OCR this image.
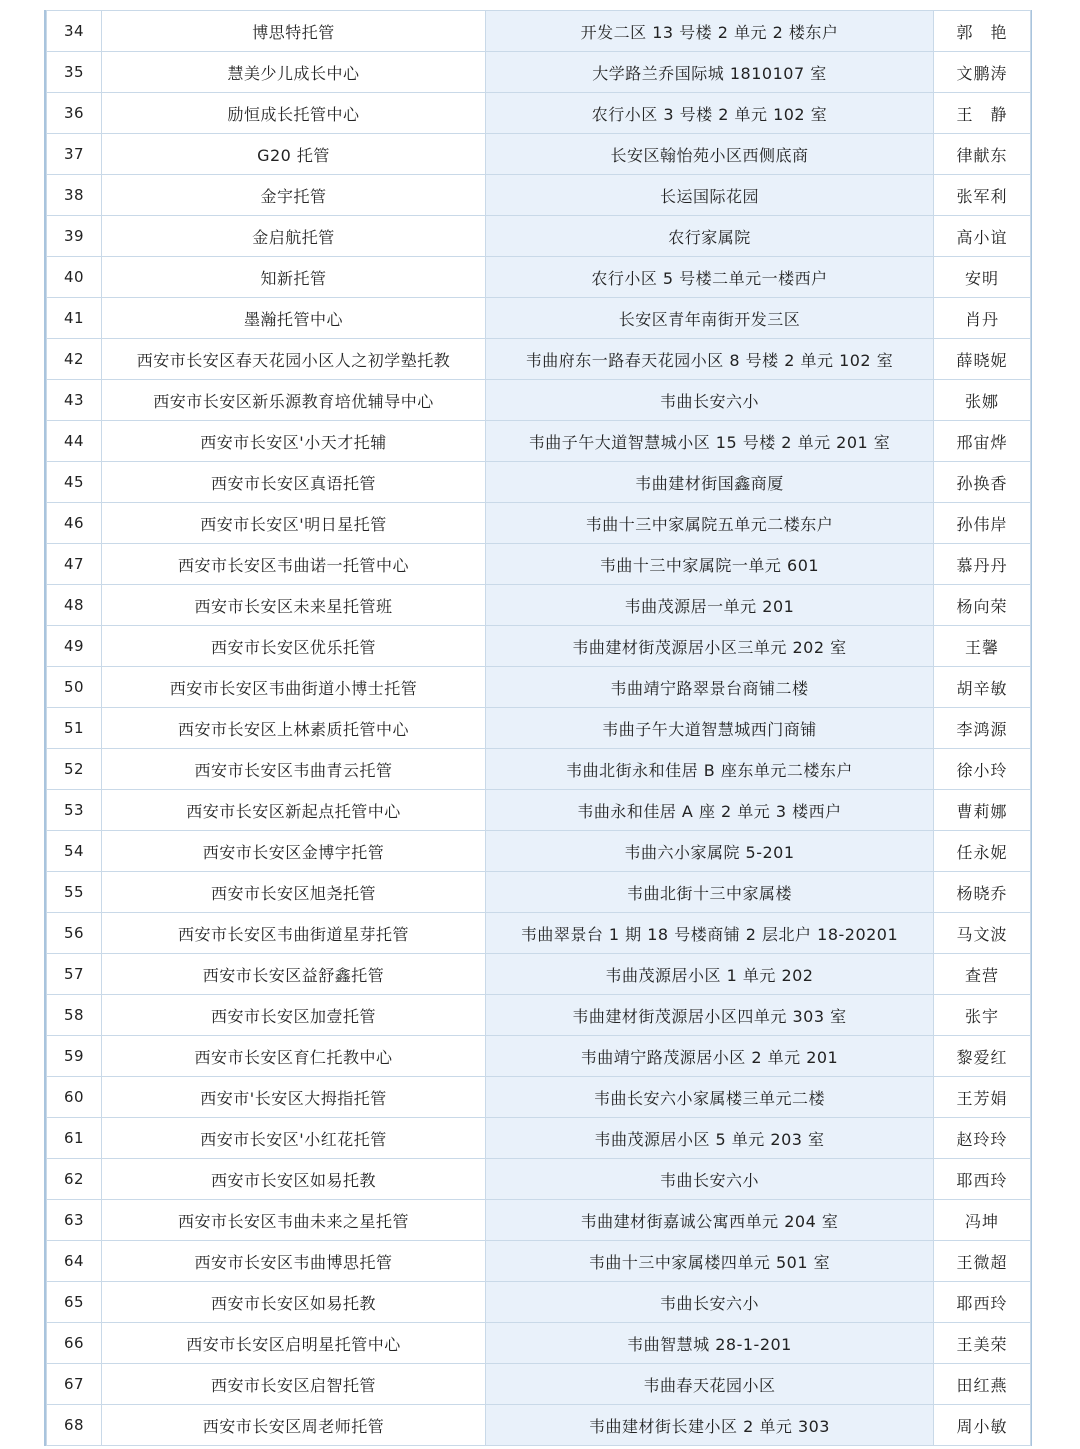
34	博思特托管	开发二区 13 号楼 2 单元 2 楼东户	郭　艳
35	慧美少儿成长中心	大学路兰乔国际城 1810107 室	文鹏涛
36	励恒成长托管中心	农行小区 3 号楼 2 单元 102 室	王　静
37	G20 托管	长安区翰怡苑小区西侧底商	律献东
38	金宇托管	长运国际花园	张军利
39	金启航托管	农行家属院	高小谊
40	知新托管	农行小区 5 号楼二单元一楼西户	安明
41	墨瀚托管中心	长安区青年南街开发三区	肖丹
42	西安市长安区春天花园小区人之初学塾托教	韦曲府东一路春天花园小区 8 号楼 2 单元 102 室	薛晓妮
43	西安市长安区新乐源教育培优辅导中心	韦曲长安六小	张娜
44	西安市长安区'小天才托辅	韦曲子午大道智慧城小区 15 号楼 2 单元 201 室	邢宙烨
45	西安市长安区真语托管	韦曲建材街国鑫商厦	孙换香
46	西安市长安区'明日星托管	韦曲十三中家属院五单元二楼东户	孙伟岸
47	西安市长安区韦曲诺一托管中心	韦曲十三中家属院一单元 601	慕丹丹
48	西安市长安区未来星托管班	韦曲茂源居一单元 201	杨向荣
49	西安市长安区优乐托管	韦曲建材街茂源居小区三单元 202 室	王馨
50	西安市长安区韦曲街道小博士托管	韦曲靖宁路翠景台商铺二楼	胡辛敏
51	西安市长安区上林素质托管中心	韦曲子午大道智慧城西门商铺	李鸿源
52	西安市长安区韦曲青云托管	韦曲北街永和佳居 B 座东单元二楼东户	徐小玲
53	西安市长安区新起点托管中心	韦曲永和佳居 A 座 2 单元 3 楼西户	曹莉娜
54	西安市长安区金博宇托管	韦曲六小家属院 5-201	任永妮
55	西安市长安区旭尧托管	韦曲北街十三中家属楼	杨晓乔
56	西安市长安区韦曲街道星芽托管	韦曲翠景台 1 期 18 号楼商铺 2 层北户 18-20201	马文波
57	西安市长安区益舒鑫托管	韦曲茂源居小区 1 单元 202	查营
58	西安市长安区加壹托管	韦曲建材街茂源居小区四单元 303 室	张宇
59	西安市长安区育仁托教中心	韦曲靖宁路茂源居小区 2 单元 201	黎爱红
60	西安市'长安区大拇指托管	韦曲长安六小家属楼三单元二楼	王芳娟
61	西安市长安区'小红花托管	韦曲茂源居小区 5 单元 203 室	赵玲玲
62	西安市长安区如易托教	韦曲长安六小	耶西玲
63	西安市长安区韦曲未来之星托管	韦曲建材街嘉诚公寓西单元 204 室	冯坤
64	西安市长安区韦曲博思托管	韦曲十三中家属楼四单元 501 室	王微超
65	西安市长安区如易托教	韦曲长安六小	耶西玲
66	西安市长安区启明星托管中心	韦曲智慧城 28-1-201	王美荣
67	西安市长安区启智托管	韦曲春天花园小区	田红燕
68	西安市长安区周老师托管	韦曲建材街长建小区 2 单元 303	周小敏
